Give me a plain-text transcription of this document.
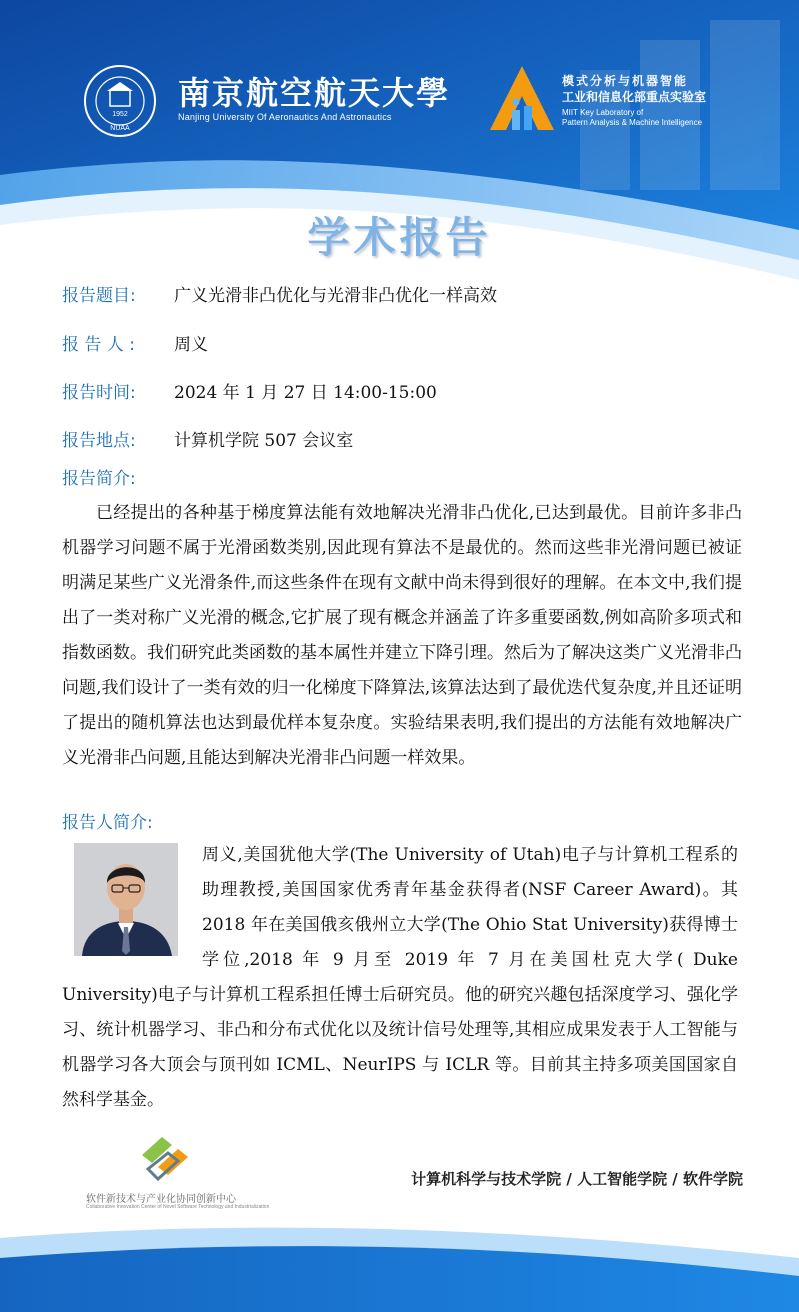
1952
NUAA
南京航空航天大學
Nanjing University Of Aeronautics And Astronautics
模式分析与机器智能
工业和信息化部重点实验室
MIIT Key Laboratory of
Pattern Analysis & Machine Intelligence
学术报告
报告题目: 广义光滑非凸优化与光滑非凸优化一样高效
报 告 人 : 周义
报告时间: 2024 年 1 月 27 日 14:00-15:00
报告地点: 计算机学院 507 会议室
报告简介:

已经提出的各种基于梯度算法能有效地解决光滑非凸优化,已达到最优。目前许多非凸机器学习问题不属于光滑函数类别,因此现有算法不是最优的。然而这些非光滑问题已被证明满足某些广义光滑条件,而这些条件在现有文献中尚未得到很好的理解。在本文中,我们提出了一类对称广义光滑的概念,它扩展了现有概念并涵盖了许多重要函数,例如高阶多项式和指数函数。我们研究此类函数的基本属性并建立下降引理。然后为了解决这类广义光滑非凸问题,我们设计了一类有效的归一化梯度下降算法,该算法达到了最优迭代复杂度,并且还证明了提出的随机算法也达到最优样本复杂度。实验结果表明,我们提出的方法能有效地解决广义光滑非凸问题,且能达到解决光滑非凸问题一样效果。

报告人简介:

周义,美国犹他大学(The University of Utah)电子与计算机工程系的助理教授,美国国家优秀青年基金获得者(NSF Career Award)。其 2018 年在美国俄亥俄州立大学(The Ohio Stat University)获得博士学位,2018 年 9 月至 2019 年 7 月在美国杜克大学( Duke University)电子与计算机工程系担任博士后研究员。他的研究兴趣包括深度学习、强化学习、统计机器学习、非凸和分布式优化以及统计信号处理等,其相应成果发表于人工智能与机器学习各大顶会与顶刊如 ICML、NeurIPS 与 ICLR 等。目前其主持多项美国国家自然科学基金。

软件新技术与产业化协同创新中心
Collaborative Innovation Center of Novel Software Technology and Industrialization
计算机科学与技术学院 / 人工智能学院 / 软件学院
